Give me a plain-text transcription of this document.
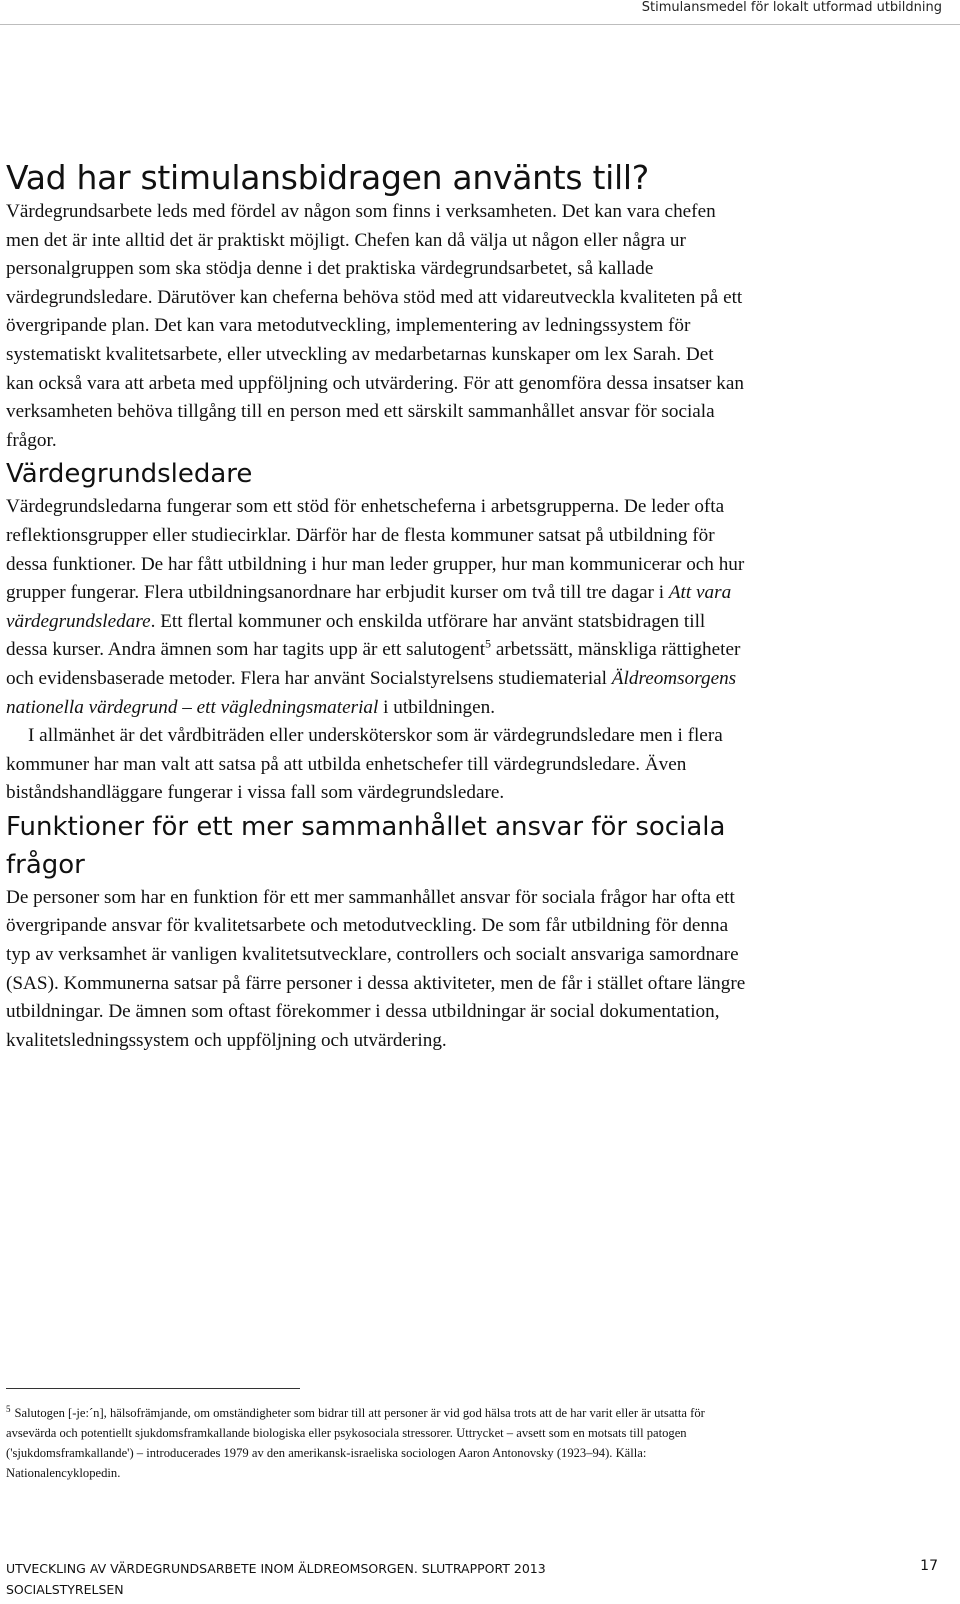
Stimulansmedel för lokalt utformad utbildning
Vad har stimulansbidragen använts till?

Värdegrundsarbete leds med fördel av någon som finns i verksamheten. Det kan vara chefen men det är inte alltid det är praktiskt möjligt. Chefen kan då välja ut någon eller några ur personalgruppen som ska stödja denne i det praktiska värdegrundsarbetet, så kallade värdegrundsledare. Därutöver kan cheferna behöva stöd med att vidareutveckla kvaliteten på ett övergripande plan. Det kan vara metodutveckling, implementering av ledningssystem för systematiskt kvalitetsarbete, eller utveckling av medarbetarnas kunskaper om lex Sarah. Det kan också vara att arbeta med uppföljning och utvärdering. För att genomföra dessa insatser kan verksamheten behöva tillgång till en person med ett särskilt sammanhållet ansvar för sociala frågor.

Värdegrundsledare

Värdegrundsledarna fungerar som ett stöd för enhetscheferna i arbetsgrupperna. De leder ofta reflektionsgrupper eller studiecirklar. Därför har de flesta kommuner satsat på utbildning för dessa funktioner. De har fått utbildning i hur man leder grupper, hur man kommunicerar och hur grupper fungerar. Flera utbildningsanordnare har erbjudit kurser om två till tre dagar i Att vara värdegrundsledare. Ett flertal kommuner och enskilda utförare har använt statsbidragen till dessa kurser. Andra ämnen som har tagits upp är ett salutogent$^5$ arbetssätt, mänskliga rättigheter och evidensbaserade metoder. Flera har använt Socialstyrelsens studiematerial Äldreomsorgens nationella värdegrund – ett vägledningsmaterial i utbildningen.

I allmänhet är det vårdbiträden eller undersköterskor som är värdegrundsledare men i flera kommuner har man valt att satsa på att utbilda enhetschefer till värdegrundsledare. Även biståndshandläggare fungerar i vissa fall som värdegrundsledare.

Funktioner för ett mer sammanhållet ansvar för sociala frågor

De personer som har en funktion för ett mer sammanhållet ansvar för sociala frågor har ofta ett övergripande ansvar för kvalitetsarbete och metodutveckling. De som får utbildning för denna typ av verksamhet är vanligen kvalitetsutvecklare, controllers och socialt ansvariga samordnare (SAS). Kommunerna satsar på färre personer i dessa aktiviteter, men de får i stället oftare längre utbildningar. De ämnen som oftast förekommer i dessa utbildningar är social dokumentation, kvalitetsledningssystem och uppföljning och utvärdering.

$^5$ Salutogen [-je:´n], hälsofrämjande, om omständigheter som bidrar till att personer är vid god hälsa trots att de har varit eller är utsatta för avsevärda och potentiellt sjukdomsframkallande biologiska eller psykosociala stressorer. Uttrycket – avsett som en motsats till patogen ('sjukdomsframkallande') – introducerades 1979 av den amerikansk-israeliska sociologen Aaron Antonovsky (1923–94). Källa: Nationalencyklopedin.

UTVECKLING AV VÄRDEGRUNDSARBETE INOM ÄLDREOMSORGEN. SLUTRAPPORT 2013	17
SOCIALSTYRELSEN
